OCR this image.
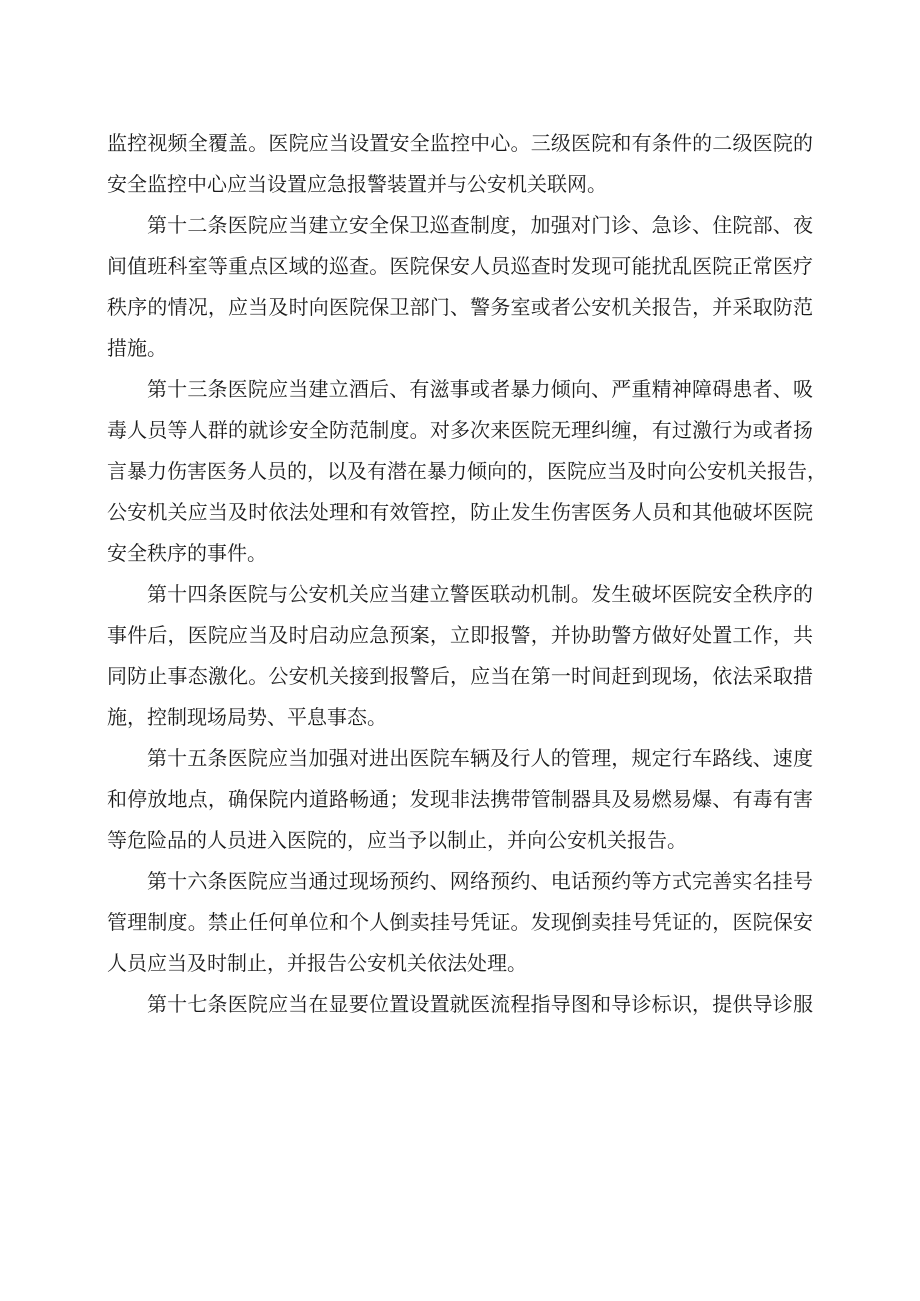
监控视频全覆盖。医院应当设置安全监控中心。三级医院和有条件的二级医院的
安全监控中心应当设置应急报警装置并与公安机关联网。
第十二条医院应当建立安全保卫巡查制度，加强对门诊、急诊、住院部、夜
间值班科室等重点区域的巡查。医院保安人员巡查时发现可能扰乱医院正常医疗
秩序的情况，应当及时向医院保卫部门、警务室或者公安机关报告，并采取防范
措施。
第十三条医院应当建立酒后、有滋事或者暴力倾向、严重精神障碍患者、吸
毒人员等人群的就诊安全防范制度。对多次来医院无理纠缠，有过激行为或者扬
言暴力伤害医务人员的，以及有潜在暴力倾向的，医院应当及时向公安机关报告，
公安机关应当及时依法处理和有效管控，防止发生伤害医务人员和其他破坏医院
安全秩序的事件。
第十四条医院与公安机关应当建立警医联动机制。发生破坏医院安全秩序的
事件后，医院应当及时启动应急预案，立即报警，并协助警方做好处置工作，共
同防止事态激化。公安机关接到报警后，应当在第一时间赶到现场，依法采取措
施，控制现场局势、平息事态。
第十五条医院应当加强对进出医院车辆及行人的管理，规定行车路线、速度
和停放地点，确保院内道路畅通；发现非法携带管制器具及易燃易爆、有毒有害
等危险品的人员进入医院的，应当予以制止，并向公安机关报告。
第十六条医院应当通过现场预约、网络预约、电话预约等方式完善实名挂号
管理制度。禁止任何单位和个人倒卖挂号凭证。发现倒卖挂号凭证的，医院保安
人员应当及时制止，并报告公安机关依法处理。
第十七条医院应当在显要位置设置就医流程指导图和导诊标识，提供导诊服
